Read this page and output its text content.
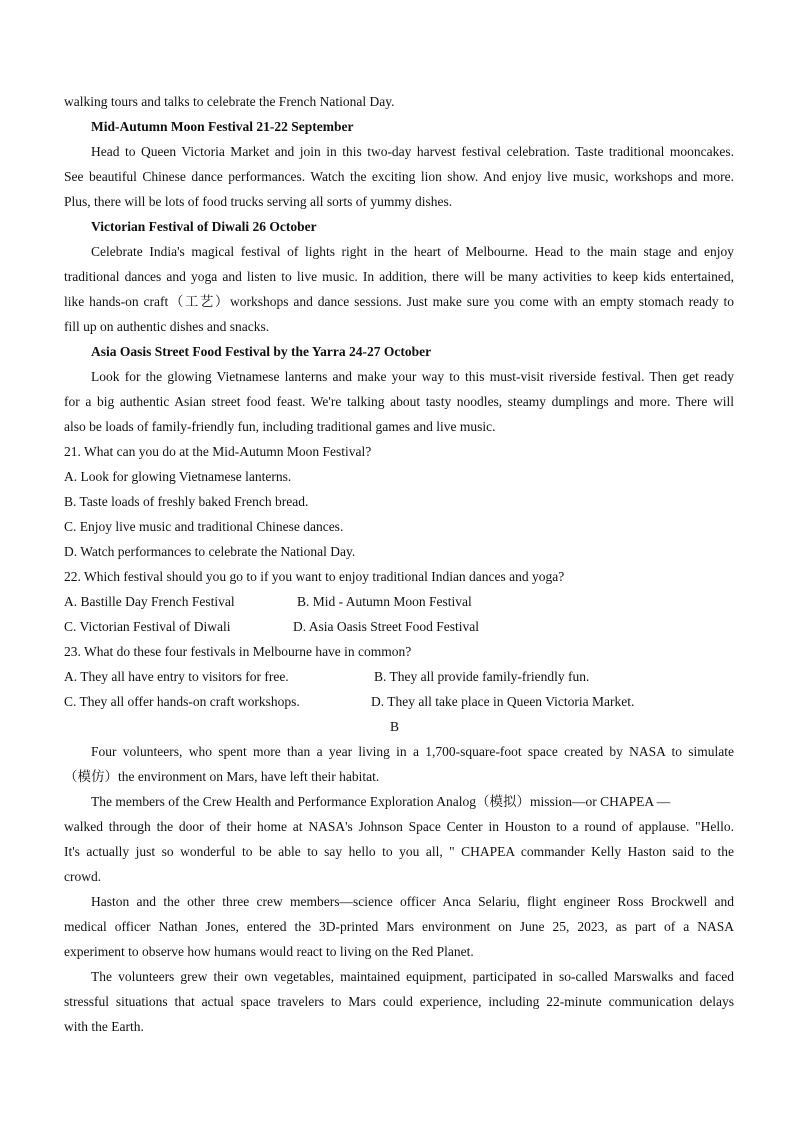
walking tours and talks to celebrate the French National Day.
Mid-Autumn Moon Festival 21-22 September
Head to Queen Victoria Market and join in this two-day harvest festival celebration. Taste traditional mooncakes.
See beautiful Chinese dance performances. Watch the exciting lion show. And enjoy live music, workshops and more.
Plus, there will be lots of food trucks serving all sorts of yummy dishes.
Victorian Festival of Diwali 26 October
Celebrate India's magical festival of lights right in the heart of Melbourne. Head to the main stage and enjoy
traditional dances and yoga and listen to live music. In addition, there will be many activities to keep kids entertained,
like hands-on craft（工艺）workshops and dance sessions. Just make sure you come with an empty stomach ready to
fill up on authentic dishes and snacks.
Asia Oasis Street Food Festival by the Yarra 24-27 October
Look for the glowing Vietnamese lanterns and make your way to this must-visit riverside festival. Then get ready
for a big authentic Asian street food feast. We're talking about tasty noodles, steamy dumplings and more. There will
also be loads of family-friendly fun, including traditional games and live music.
21. What can you do at the Mid-Autumn Moon Festival?
A. Look for glowing Vietnamese lanterns.
B. Taste loads of freshly baked French bread.
C. Enjoy live music and traditional Chinese dances.
D. Watch performances to celebrate the National Day.
22. Which festival should you go to if you want to enjoy traditional Indian dances and yoga?
A. Bastille Day French Festival	B. Mid - Autumn Moon Festival
C. Victorian Festival of Diwali	D. Asia Oasis Street Food Festival
23. What do these four festivals in Melbourne have in common?
A. They all have entry to visitors for free.	B. They all provide family-friendly fun.
C. They all offer hands-on craft workshops.	D. They all take place in Queen Victoria Market.
B
Four volunteers, who spent more than a year living in a 1,700-square-foot space created by NASA to simulate
（模仿）the environment on Mars, have left their habitat.
The members of the Crew Health and Performance Exploration Analog（模拟）mission—or CHAPEA —
walked through the door of their home at NASA's Johnson Space Center in Houston to a round of applause. "Hello.
It's actually just so wonderful to be able to say hello to you all, " CHAPEA commander Kelly Haston said to the
crowd.
Haston and the other three crew members—science officer Anca Selariu, flight engineer Ross Brockwell and
medical officer Nathan Jones, entered the 3D-printed Mars environment on June 25, 2023, as part of a NASA
experiment to observe how humans would react to living on the Red Planet.
The volunteers grew their own vegetables, maintained equipment, participated in so-called Marswalks and faced
stressful situations that actual space travelers to Mars could experience, including 22-minute communication delays
with the Earth.
